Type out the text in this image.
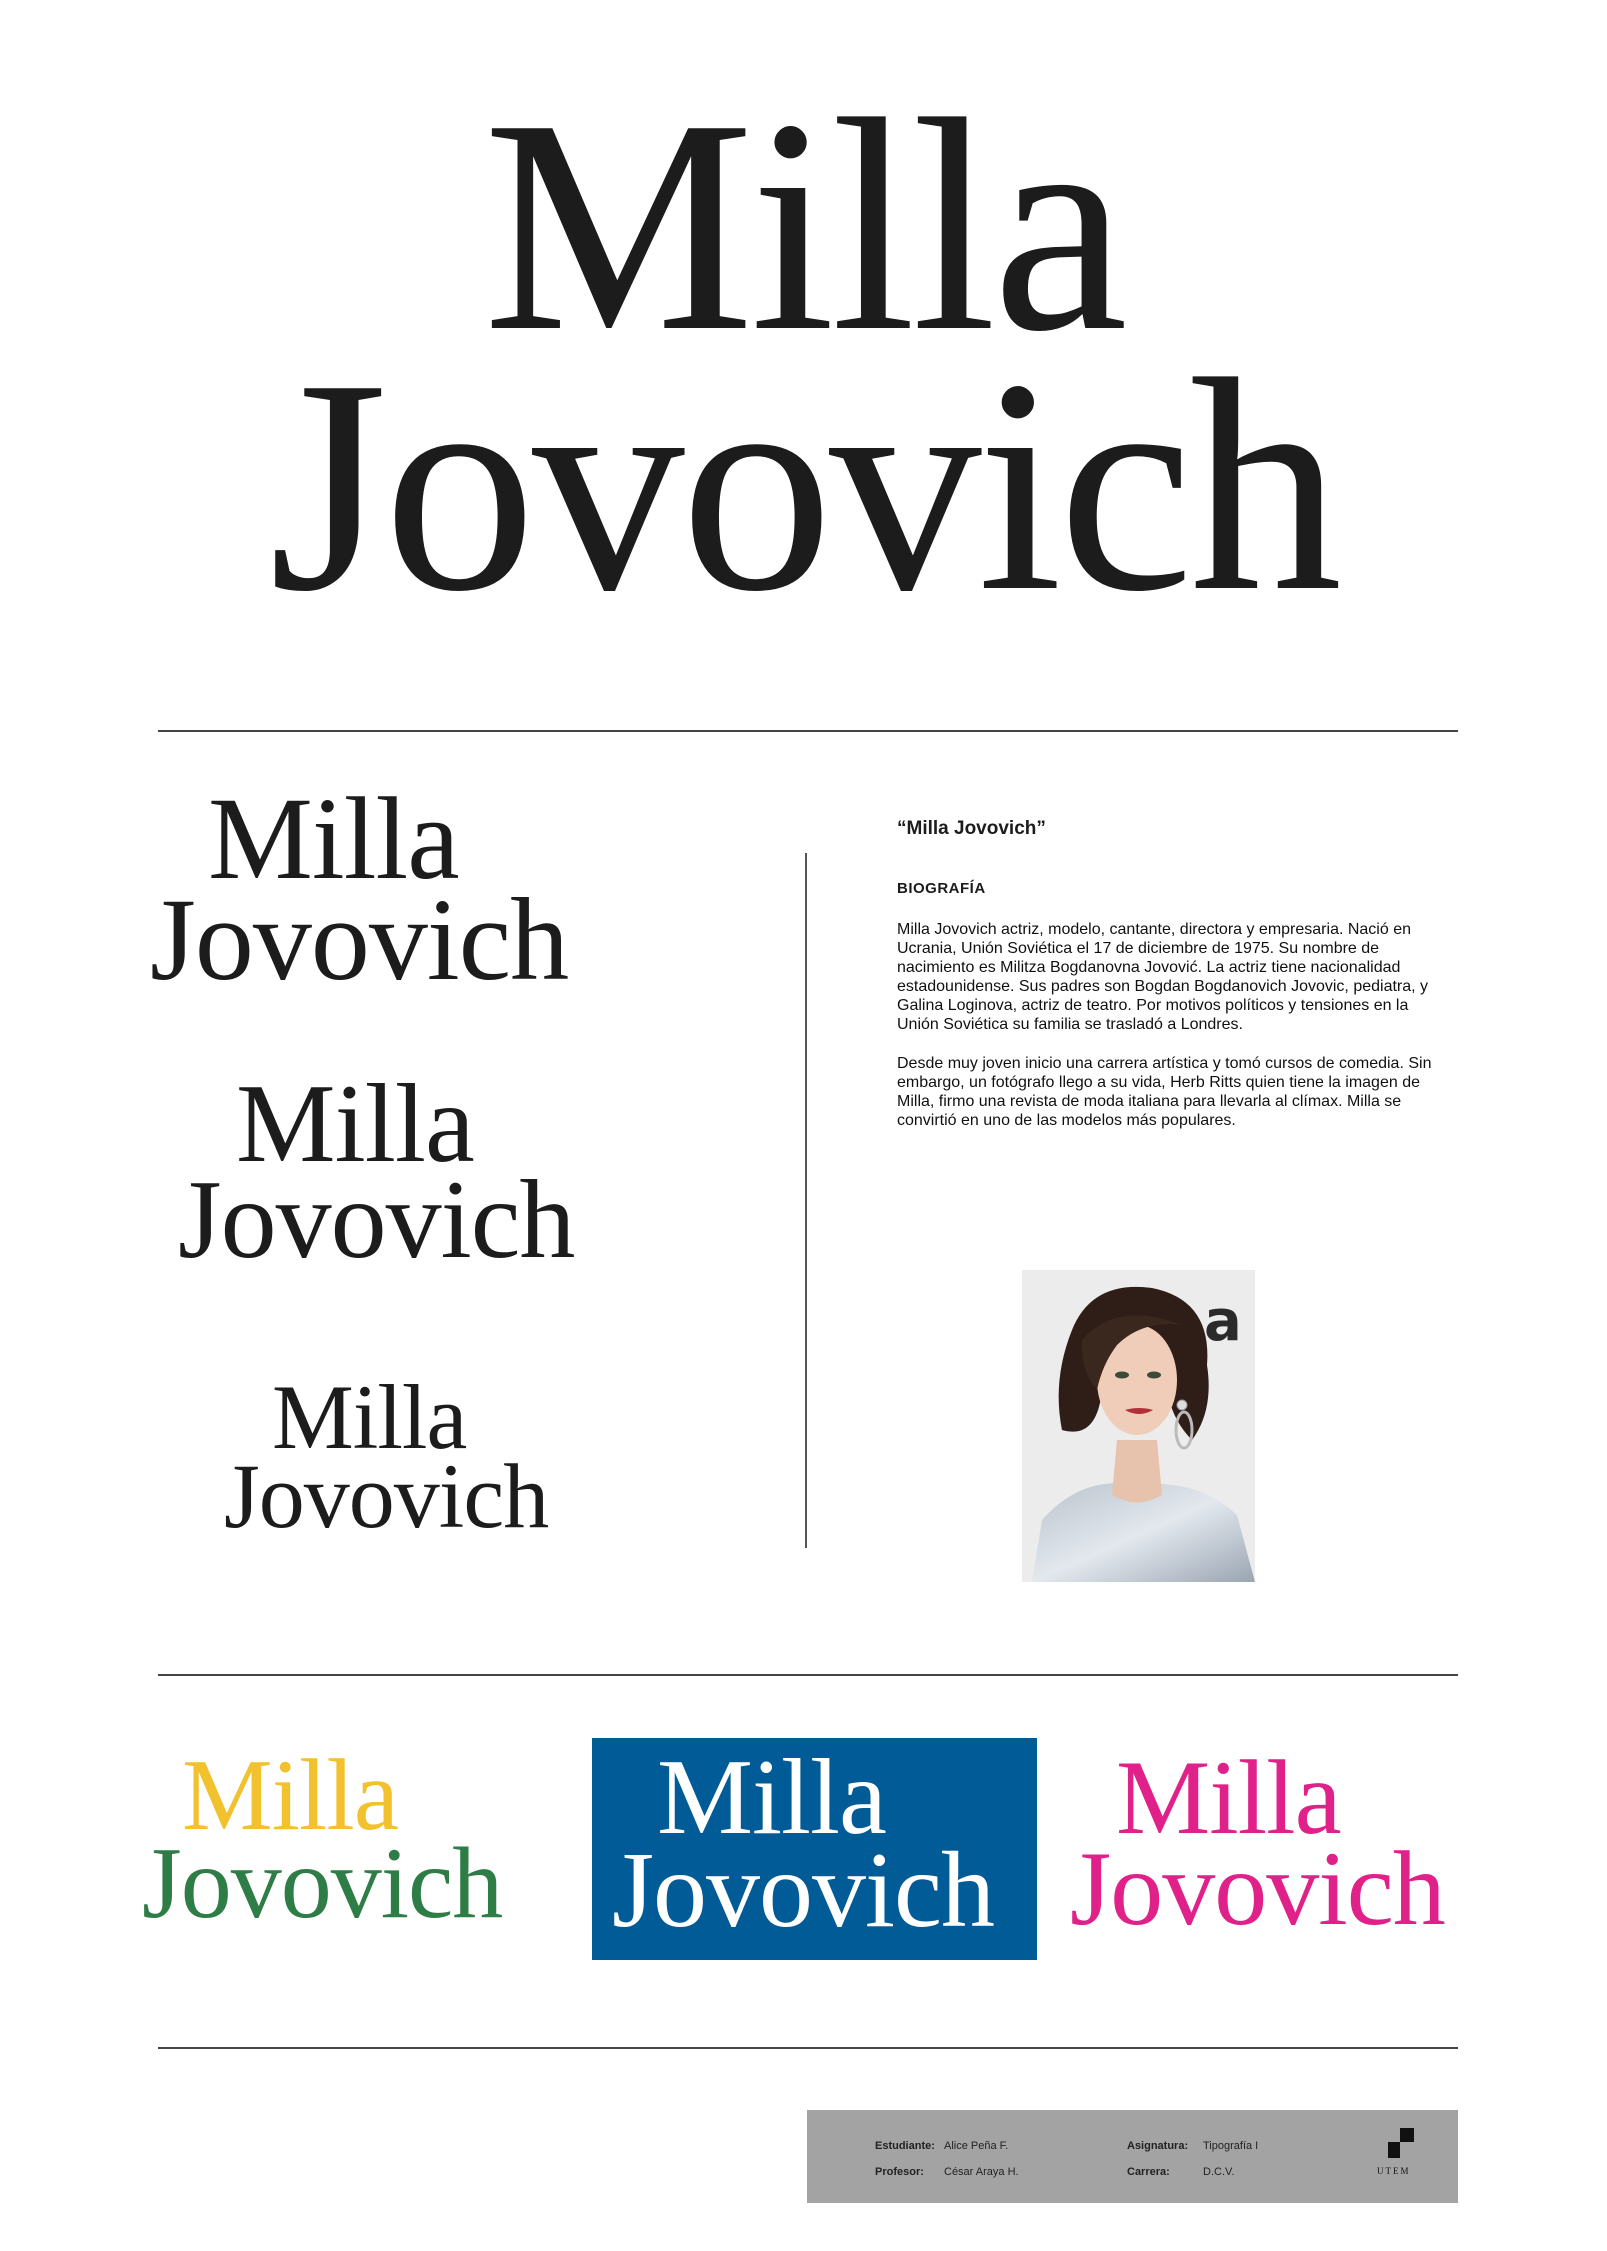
Milla
Jovovich
Milla
Jovovich
Milla
Jovovich
Milla
Jovovich
“Milla Jovovich”
BIOGRAFÍA

Milla Jovovich actriz, modelo, cantante, directora y empresaria. Nació en Ucrania, Unión Soviética el 17 de diciembre de 1975. Su nombre de nacimiento es Militza Bogdanovna Jovović. La actriz tiene nacionalidad estadounidense. Sus padres son Bogdan Bogdanovich Jovovic, pediatra, y Galina Loginova, actriz de teatro. Por motivos políticos y tensiones en la Unión Soviética su familia se trasladó a Londres.

Desde muy joven inicio una carrera artística y tomó cursos de comedia. Sin embargo, un fotógrafo llego a su vida, Herb Ritts quien tiene la imagen de Milla, firmo una revista de moda italiana para llevarla al clímax. Milla se convirtió en uno de las modelos más populares.

a
Milla
Jovovich
Milla
Jovovich
Milla
Jovovich
Estudiante: Alice Peña F.
Profesor: César Araya H.
Asignatura: Tipografía I
Carrera:	D.C.V.	UTEM
